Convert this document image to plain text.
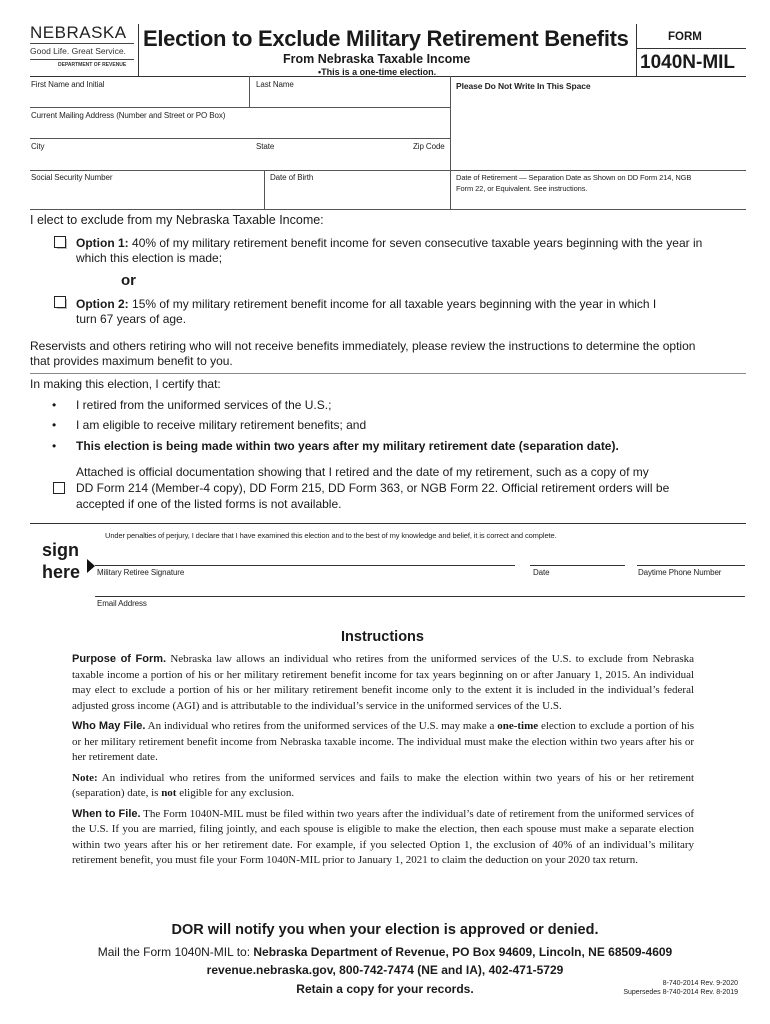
NEBRASKA
Good Life. Great Service.
DEPARTMENT OF REVENUE
Election to Exclude Military Retirement Benefits
From Nebraska Taxable Income
•This is a one-time election.
FORM
1040N-MIL
First Name and Initial	Last Name	Please Do Not Write In This Space
Current Mailing Address (Number and Street or PO Box)
City	State	Zip Code
Social Security Number	Date of Birth	Date of Retirement — Separation Date as Shown on DD Form 214, NGB
Form 22, or Equivalent. See instructions.
I elect to exclude from my Nebraska Taxable Income:
Option 1: 40% of my military retirement benefit income for seven consecutive taxable years beginning with the year in
which this election is made;
or
Option 2: 15% of my military retirement benefit income for all taxable years beginning with the year in which I
turn 67 years of age.
Reservists and others retiring who will not receive benefits immediately, please review the instructions to determine the option
that provides maximum benefit to you.
In making this election, I certify that:
• I retired from the uniformed services of the U.S.;
• I am eligible to receive military retirement benefits; and
• This election is being made within two years after my military retirement date (separation date).
Attached is official documentation showing that I retired and the date of my retirement, such as a copy of my
DD Form 214 (Member-4 copy), DD Form 215, DD Form 363, or NGB Form 22. Official retirement orders will be
accepted if one of the listed forms is not available.
Under penalties of perjury, I declare that I have examined this election and to the best of my knowledge and belief, it is correct and complete.
sign
here Military Retiree Signature	Date	Daytime Phone Number
Email Address
Instructions
Purpose of Form. Nebraska law allows an individual who retires from the uniformed services of the U.S. to exclude from Nebraska taxable income a portion of his or her military retirement benefit income for tax years beginning on or after January 1, 2015. An individual may elect to exclude a portion of his or her military retirement benefit income only to the extent it is included in the individual’s federal adjusted gross income (AGI) and is attributable to the individual’s service in the uniformed services of the U.S.
Who May File. An individual who retires from the uniformed services of the U.S. may make a one-time election to exclude a portion of his or her military retirement benefit income from Nebraska taxable income. The individual must make the election within two years after his or her retirement date.
Note: An individual who retires from the uniformed services and fails to make the election within two years of his or her retirement (separation) date, is not eligible for any exclusion.
When to File. The Form 1040N-MIL must be filed within two years after the individual’s date of retirement from the uniformed services of the U.S. If you are married, filing jointly, and each spouse is eligible to make the election, then each spouse must make a separate election within two years after his or her retirement date. For example, if you selected Option 1, the exclusion of 40% of an individual’s military retirement benefit, you must file your Form 1040N-MIL prior to January 1, 2021 to claim the deduction on your 2020 tax return.
DOR will notify you when your election is approved or denied.
Mail the Form 1040N-MIL to: Nebraska Department of Revenue, PO Box 94609, Lincoln, NE 68509-4609
revenue.nebraska.gov, 800-742-7474 (NE and IA), 402-471-5729
Retain a copy for your records.	8-740-2014 Rev. 9-2020
Supersedes 8-740-2014 Rev. 8-2019
